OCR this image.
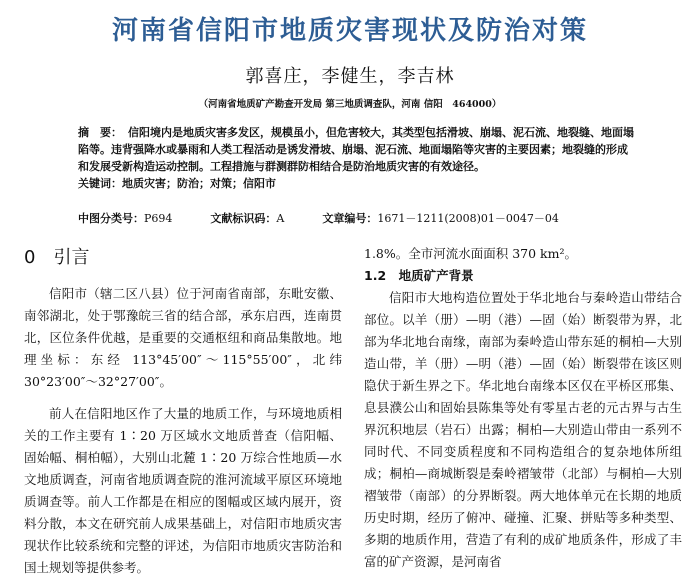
河南省信阳市地质灾害现状及防治对策
郭喜庄，李健生，李吉林
（河南省地质矿产勘查开发局 第三地质调查队，河南 信阳　464000）

摘　要： 信阳境内是地质灾害多发区，规模虽小，但危害较大，其类型包括滑坡、崩塌、泥石流、地裂缝、地面塌陷等。违背强降水或暴雨和人类工程活动是诱发滑坡、崩塌、泥石流、地面塌陷等灾害的主要因素；地裂缝的形成和发展受新构造运动控制。工程措施与群测群防相结合是防治地质灾害的有效途径。

关键词：地质灾害；防治；对策；信阳市

中图分类号：P694	文献标识码：A	文章编号：1671－1211(2008)01－0047－04
0　引言

信阳市（辖二区八县）位于河南省南部，东毗安徽、南邻湖北，处于鄂豫皖三省的结合部，承东启西，连南贯北，区位条件优越，是重要的交通枢纽和商品集散地。地理坐标：东经 113°45′00″～115°55′00″，北纬 30°23′00″～32°27′00″。

前人在信阳地区作了大量的地质工作，与环境地质相关的工作主要有 1∶20 万区域水文地质普查（信阳幅、固始幅、桐柏幅），大别山北麓 1∶20 万综合性地质—水文地质调查，河南省地质调查院的淮河流域平原区环境地质调查等。前人工作都是在相应的图幅或区域内展开，资料分散，本文在研究前人成果基础上，对信阳市地质灾害现状作比较系统和完整的评述，为信阳市地质灾害防治和国土规划等提供参考。

1.8%。全市河流水面面积 370 km²。

1.2　地质矿产背景

信阳市大地构造位置处于华北地台与秦岭造山带结合部位。以羊（册）—明（港）—固（始）断裂带为界，北部为华北地台南缘，南部为秦岭造山带东延的桐柏—大别造山带，羊（册）—明（港）—固（始）断裂带在该区则隐伏于新生界之下。华北地台南缘本区仅在平桥区邢集、息县濮公山和固始县陈集等处有零星古老的元古界与古生界沉积地层（岩石）出露；桐柏—大别造山带由一系列不同时代、不同变质程度和不同构造组合的复杂地体所组成；桐柏—商城断裂是秦岭褶皱带（北部）与桐柏—大别褶皱带（南部）的分界断裂。两大地体单元在长期的地质历史时期，经历了俯冲、碰撞、汇聚、拼贴等多种类型、多期的地质作用，营造了有利的成矿地质条件，形成了丰富的矿产资源，是河南省
